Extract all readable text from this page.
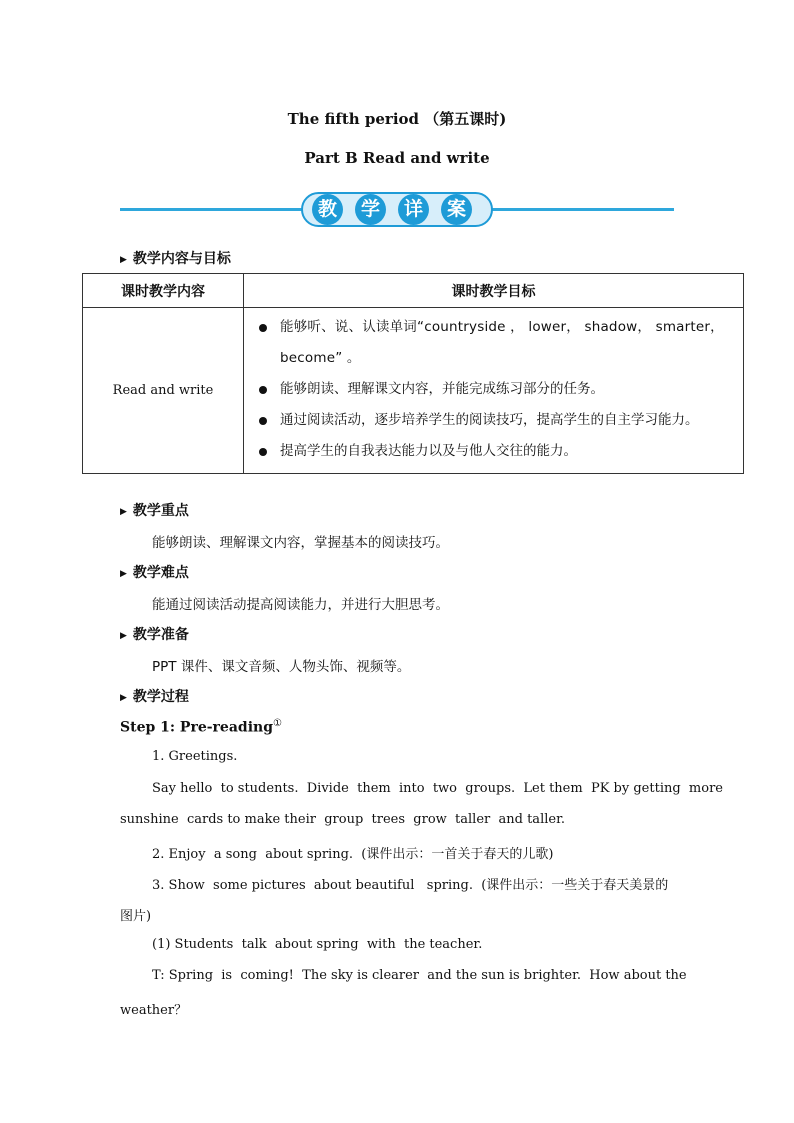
The fifth period （第五课时)
Part B Read and write
教	学	详	案
▶ 教学内容与目标
课时教学内容	课时教学目标
Read and write	能够听、说、认读单词“countryside ， lower， shadow， smarter， become” 。
能够朗读、理解课文内容，并能完成练习部分的任务。
通过阅读活动，逐步培养学生的阅读技巧，提高学生的自主学习能力。
提高学生的自我表达能力以及与他人交往的能力。
▶ 教学重点
能够朗读、理解课文内容，掌握基本的阅读技巧。
▶ 教学难点
能通过阅读活动提高阅读能力，并进行大胆思考。
▶ 教学准备
PPT 课件、课文音频、人物头饰、视频等。
▶ 教学过程
Step 1: Pre-reading①
1. Greetings.
Say hello  to students.  Divide  them  into  two  groups.  Let them  PK by getting  more
sunshine  cards to make their  group  trees  grow  taller  and taller.
2. Enjoy  a song  about spring.  (课件出示：一首关于春天的儿歌)
3. Show  some pictures  about beautiful   spring.  (课件出示：一些关于春天美景的
图片)
(1) Students  talk  about spring  with  the teacher.
T: Spring  is  coming!  The sky is clearer  and the sun is brighter.  How about the
weather？
